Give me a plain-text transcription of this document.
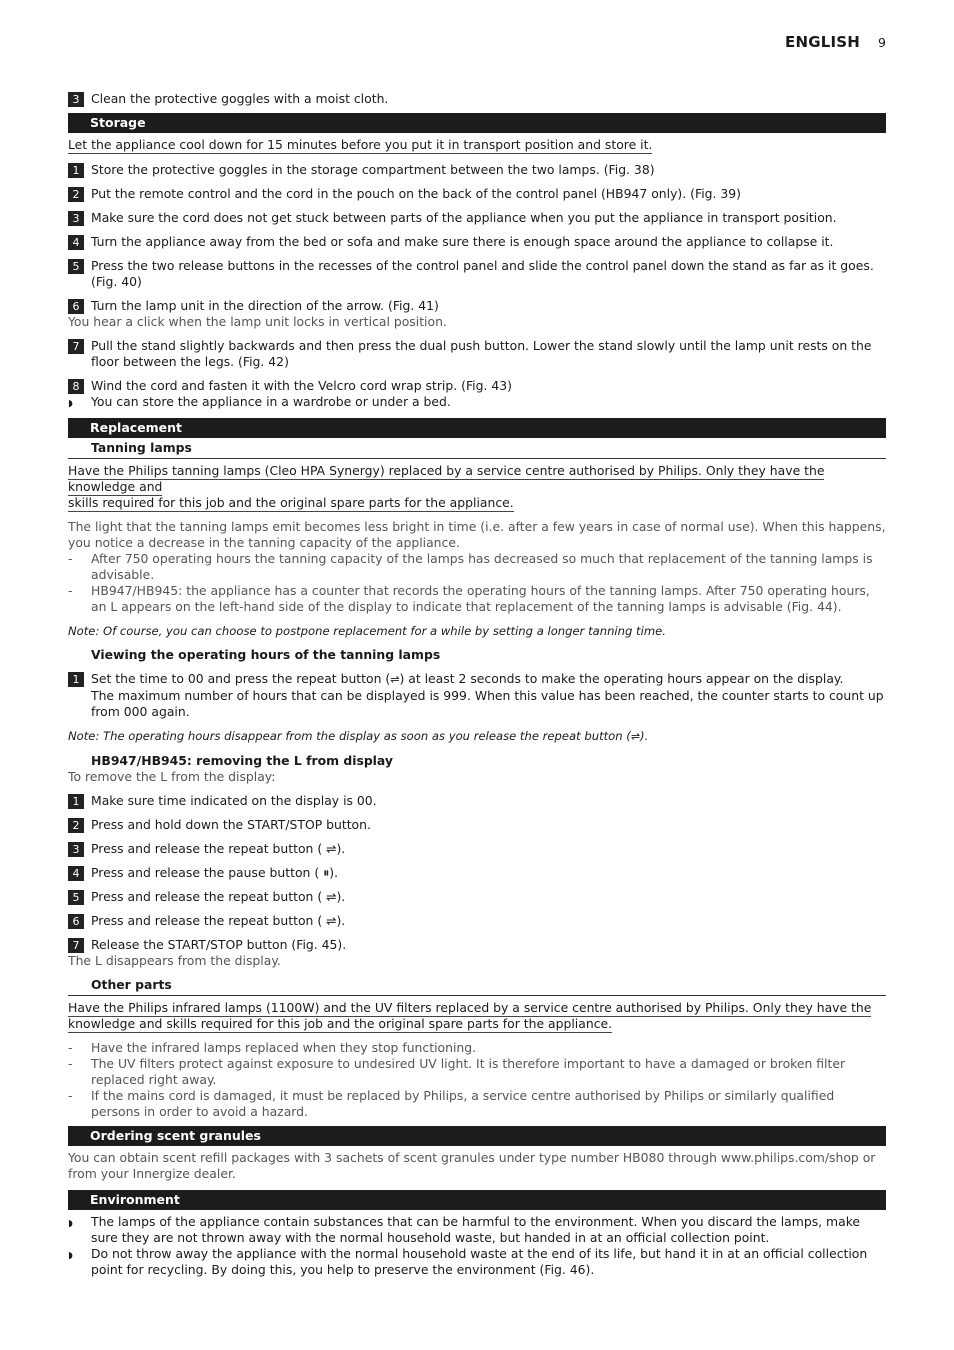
ENGLISH 9
3 Clean the protective goggles with a moist cloth.
Storage
Let the appliance cool down for 15 minutes before you put it in transport position and store it.
1 Store the protective goggles in the storage compartment between the two lamps. (Fig. 38)
2 Put the remote control and the cord in the pouch on the back of the control panel (HB947 only). (Fig. 39)
3 Make sure the cord does not get stuck between parts of the appliance when you put the appliance in transport position.
4 Turn the appliance away from the bed or sofa and make sure there is enough space around the appliance to collapse it.
5 Press the two release buttons in the recesses of the control panel and slide the control panel down the stand as far as it goes. (Fig. 40)
6 Turn the lamp unit in the direction of the arrow. (Fig. 41)
You hear a click when the lamp unit locks in vertical position.
7 Pull the stand slightly backwards and then press the dual push button. Lower the stand slowly until the lamp unit rests on the floor between the legs. (Fig. 42)
8 Wind the cord and fasten it with the Velcro cord wrap strip. (Fig. 43)
◗	You can store the appliance in a wardrobe or under a bed.
Replacement
Tanning lamps
Have the Philips tanning lamps (Cleo HPA Synergy) replaced by a service centre authorised by Philips. Only they have the knowledge and
skills required for this job and the original spare parts for the appliance.
The light that the tanning lamps emit becomes less bright in time (i.e. after a few years in case of normal use). When this happens, you notice a decrease in the tanning capacity of the appliance.
-	After 750 operating hours the tanning capacity of the lamps has decreased so much that replacement of the tanning lamps is advisable.
-	HB947/HB945: the appliance has a counter that records the operating hours of the tanning lamps. After 750 operating hours, an L appears on the left-hand side of the display to indicate that replacement of the tanning lamps is advisable (Fig. 44).
Note: Of course, you can choose to postpone replacement for a while by setting a longer tanning time.
Viewing the operating hours of the tanning lamps
1 Set the time to 00 and press the repeat button (⇌) at least 2 seconds to make the operating hours appear on the display.
The maximum number of hours that can be displayed is 999. When this value has been reached, the counter starts to count up from 000 again.
Note: The operating hours disappear from the display as soon as you release the repeat button (⇌).
HB947/HB945: removing the L from display
To remove the L from the display:
1 Make sure time indicated on the display is 00.
2 Press and hold down the START/STOP button.
3 Press and release the repeat button ( ⇌).
4 Press and release the pause button ( ⏸).
5 Press and release the repeat button ( ⇌).
6 Press and release the repeat button ( ⇌).
7 Release the START/STOP button (Fig. 45).
The L disappears from the display.
Other parts
Have the Philips infrared lamps (1100W) and the UV filters replaced by a service centre authorised by Philips. Only they have the
knowledge and skills required for this job and the original spare parts for the appliance.
-	Have the infrared lamps replaced when they stop functioning.
-	The UV filters protect against exposure to undesired UV light. It is therefore important to have a damaged or broken filter replaced right away.
-	If the mains cord is damaged, it must be replaced by Philips, a service centre authorised by Philips or similarly qualified persons in order to avoid a hazard.
Ordering scent granules
You can obtain scent refill packages with 3 sachets of scent granules under type number HB080 through www.philips.com/shop or from your Innergize dealer.
Environment
◗	The lamps of the appliance contain substances that can be harmful to the environment. When you discard the lamps, make sure they are not thrown away with the normal household waste, but handed in at an official collection point.
◗	Do not throw away the appliance with the normal household waste at the end of its life, but hand it in at an official collection point for recycling. By doing this, you help to preserve the environment (Fig. 46).
